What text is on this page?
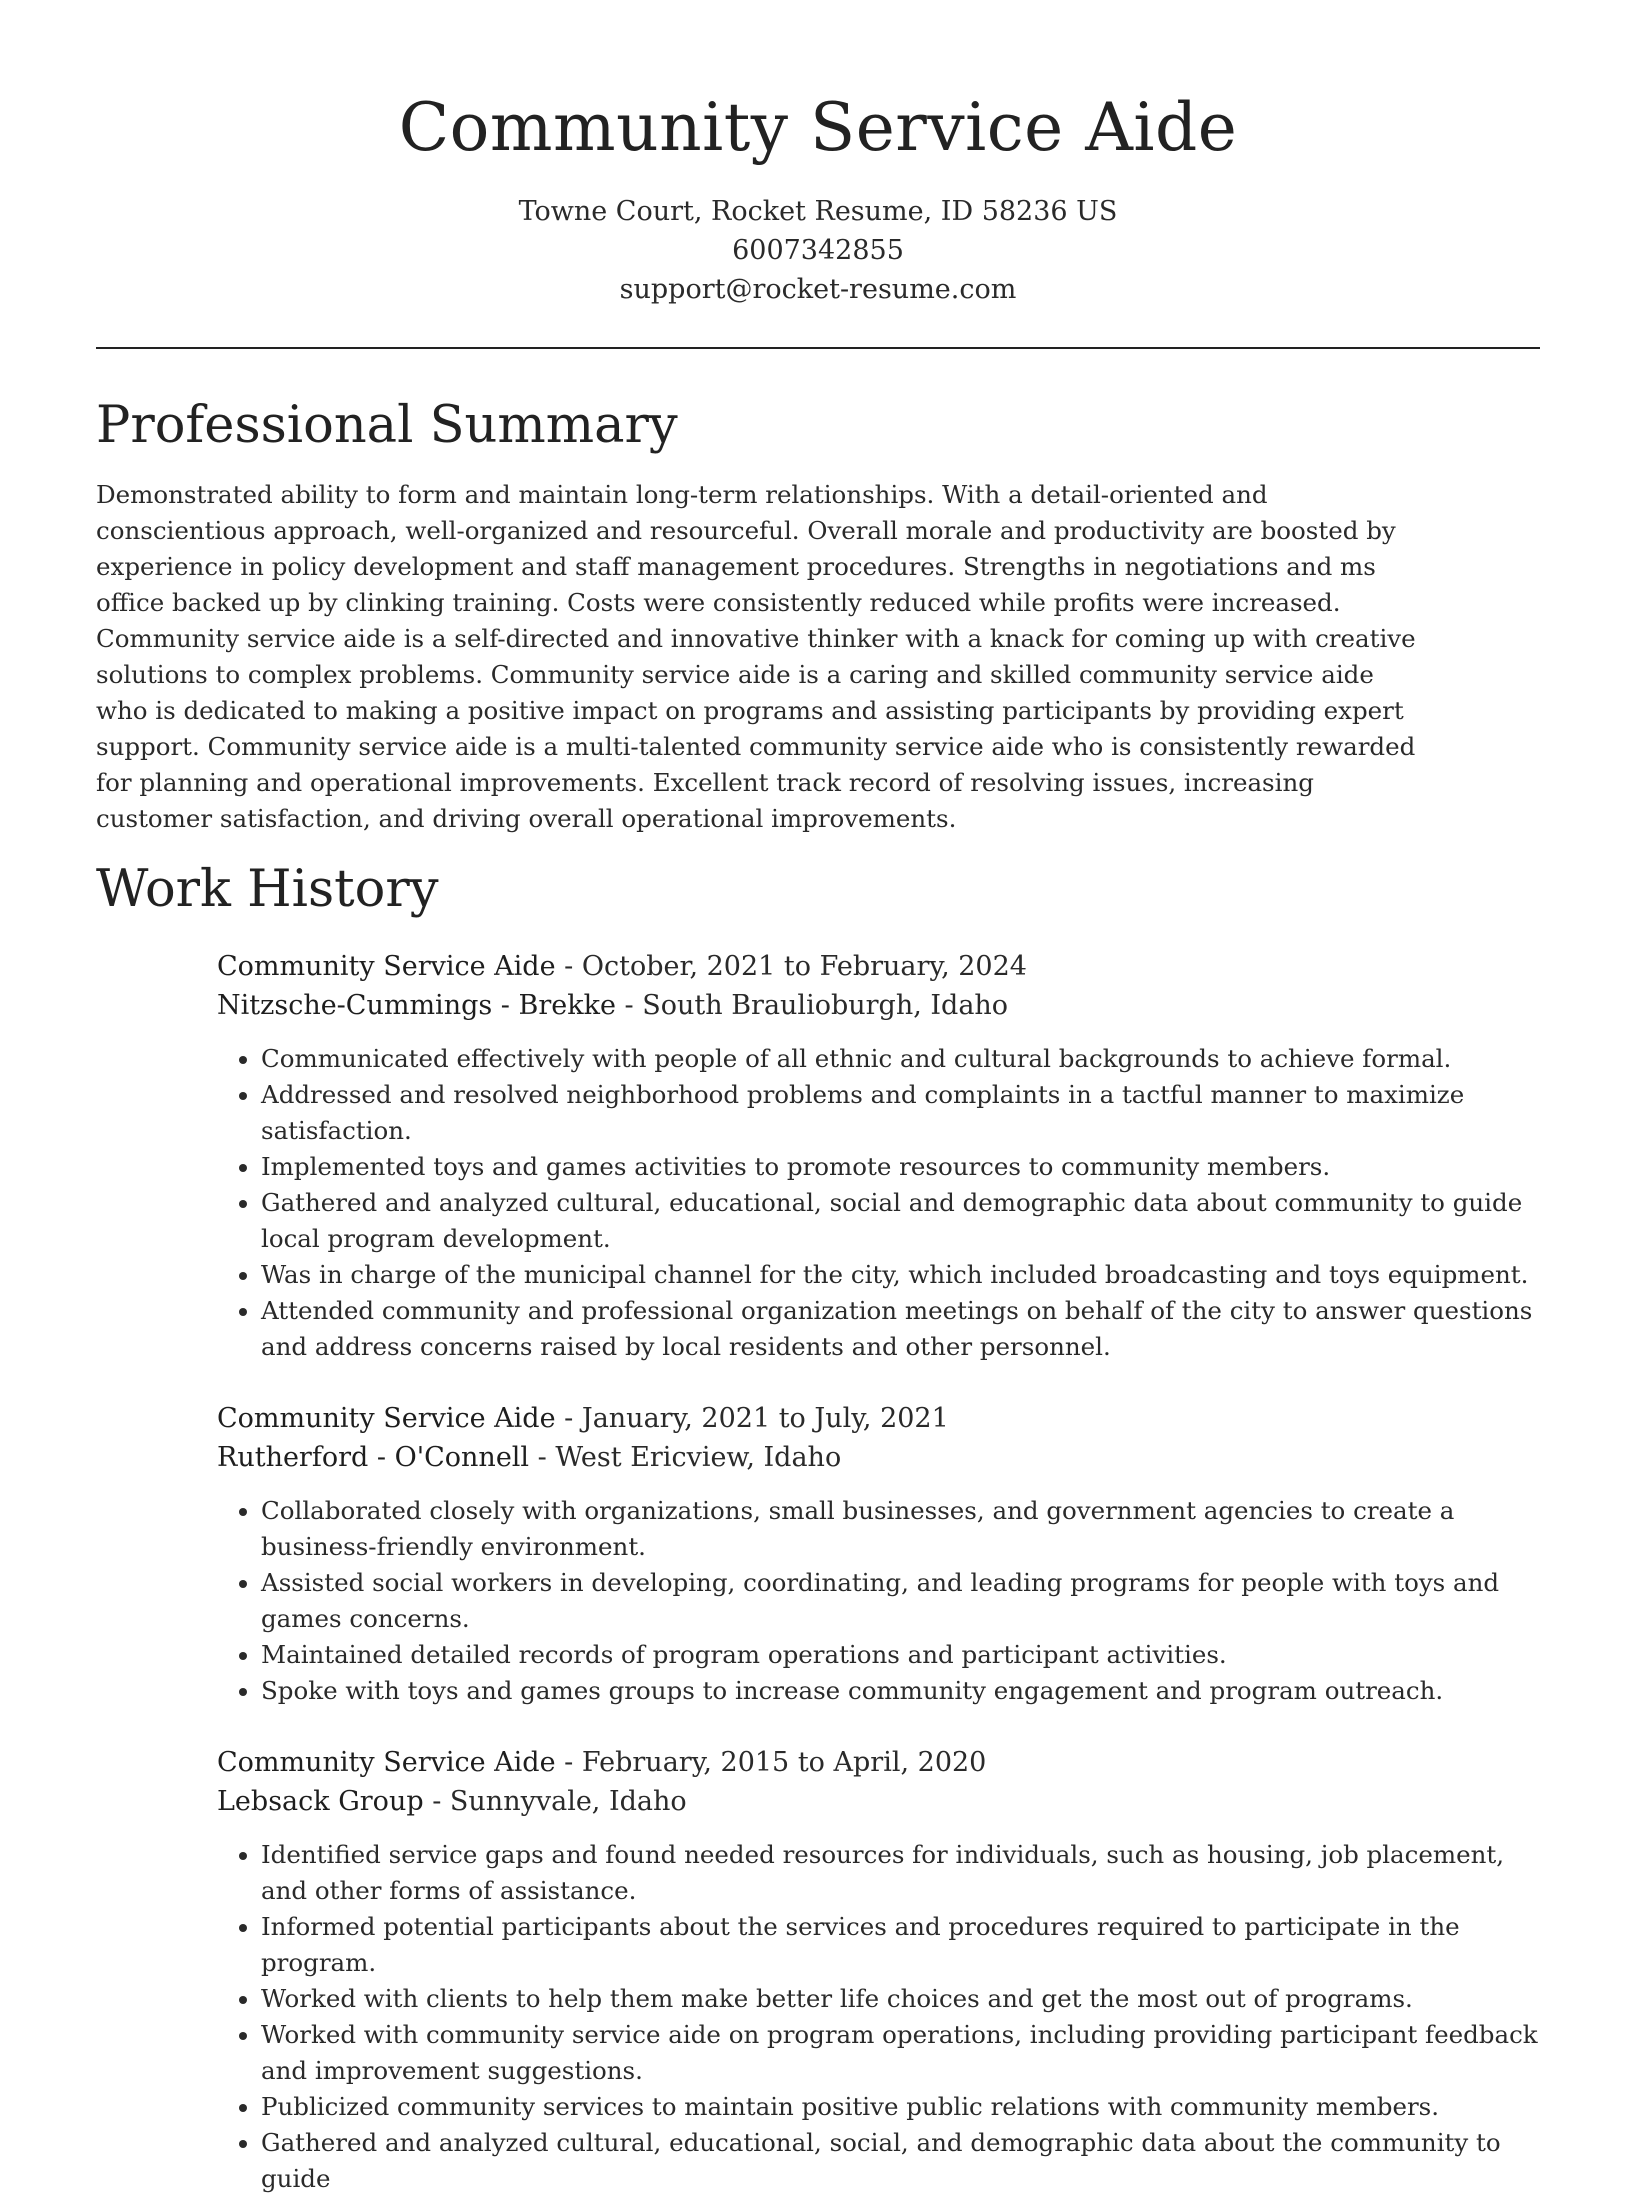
Community Service Aide
Towne Court, Rocket Resume, ID 58236 US
6007342855
support@rocket-resume.com
Professional Summary

Demonstrated ability to form and maintain long-term relationships. With a detail-oriented and conscientious approach, well-organized and resourceful. Overall morale and productivity are boosted by experience in policy development and staff management procedures. Strengths in negotiations and ms office backed up by clinking training. Costs were consistently reduced while profits were increased. Community service aide is a self-directed and innovative thinker with a knack for coming up with creative solutions to complex problems. Community service aide is a caring and skilled community service aide who is dedicated to making a positive impact on programs and assisting participants by providing expert support. Community service aide is a multi-talented community service aide who is consistently rewarded for planning and operational improvements. Excellent track record of resolving issues, increasing customer satisfaction, and driving overall operational improvements.

Work History
Community Service Aide - October, 2021 to February, 2024
Nitzsche-Cummings - Brekke - South Braulioburgh, Idaho
• Communicated effectively with people of all ethnic and cultural backgrounds to achieve formal.
• Addressed and resolved neighborhood problems and complaints in a tactful manner to maximize satisfaction.
• Implemented toys and games activities to promote resources to community members.
• Gathered and analyzed cultural, educational, social and demographic data about community to guide local program development.
• Was in charge of the municipal channel for the city, which included broadcasting and toys equipment.
• Attended community and professional organization meetings on behalf of the city to answer questions and address concerns raised by local residents and other personnel.
Community Service Aide - January, 2021 to July, 2021
Rutherford - O'Connell - West Ericview, Idaho
• Collaborated closely with organizations, small businesses, and government agencies to create a business-friendly environment.
• Assisted social workers in developing, coordinating, and leading programs for people with toys and games concerns.
• Maintained detailed records of program operations and participant activities.
• Spoke with toys and games groups to increase community engagement and program outreach.
Community Service Aide - February, 2015 to April, 2020
Lebsack Group - Sunnyvale, Idaho
• Identified service gaps and found needed resources for individuals, such as housing, job placement, and other forms of assistance.
• Informed potential participants about the services and procedures required to participate in the program.
• Worked with clients to help them make better life choices and get the most out of programs.
• Worked with community service aide on program operations, including providing participant feedback and improvement suggestions.
• Publicized community services to maintain positive public relations with community members.
• Gathered and analyzed cultural, educational, social, and demographic data about the community to guide
